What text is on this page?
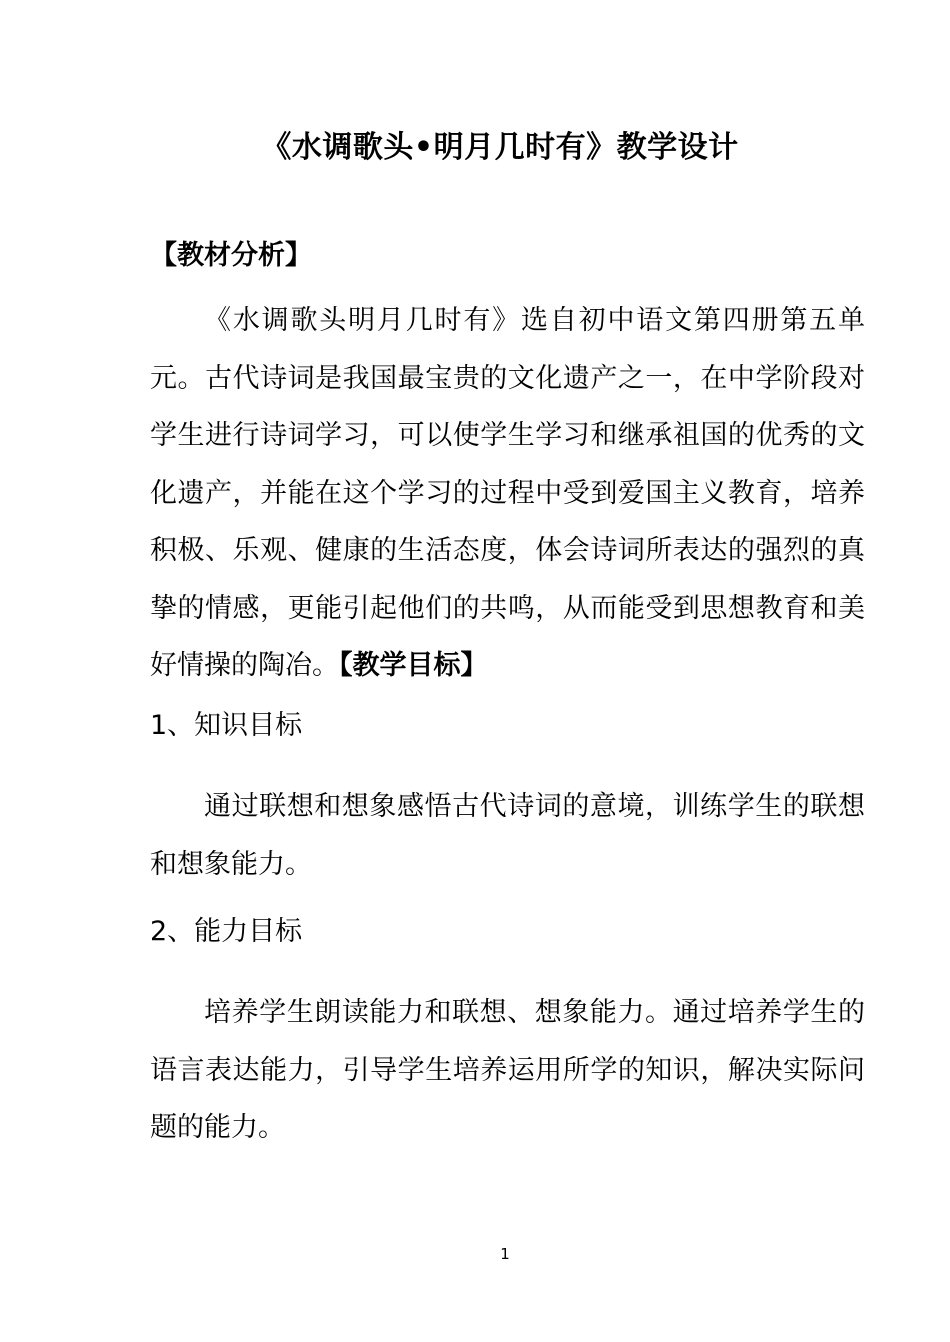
《水调歌头•明月几时有》教学设计
【教材分析】
《水调歌头明月几时有》选自初中语文第四册第五单元。古代诗词是我国最宝贵的文化遗产之一，在中学阶段对学生进行诗词学习，可以使学生学习和继承祖国的优秀的文化遗产，并能在这个学习的过程中受到爱国主义教育，培养积极、乐观、健康的生活态度，体会诗词所表达的强烈的真挚的情感，更能引起他们的共鸣，从而能受到思想教育和美好情操的陶冶。【教学目标】
1、知识目标
通过联想和想象感悟古代诗词的意境，训练学生的联想和想象能力。
2、能力目标
培养学生朗读能力和联想、想象能力。通过培养学生的语言表达能力，引导学生培养运用所学的知识，解决实际问题的能力。
1
